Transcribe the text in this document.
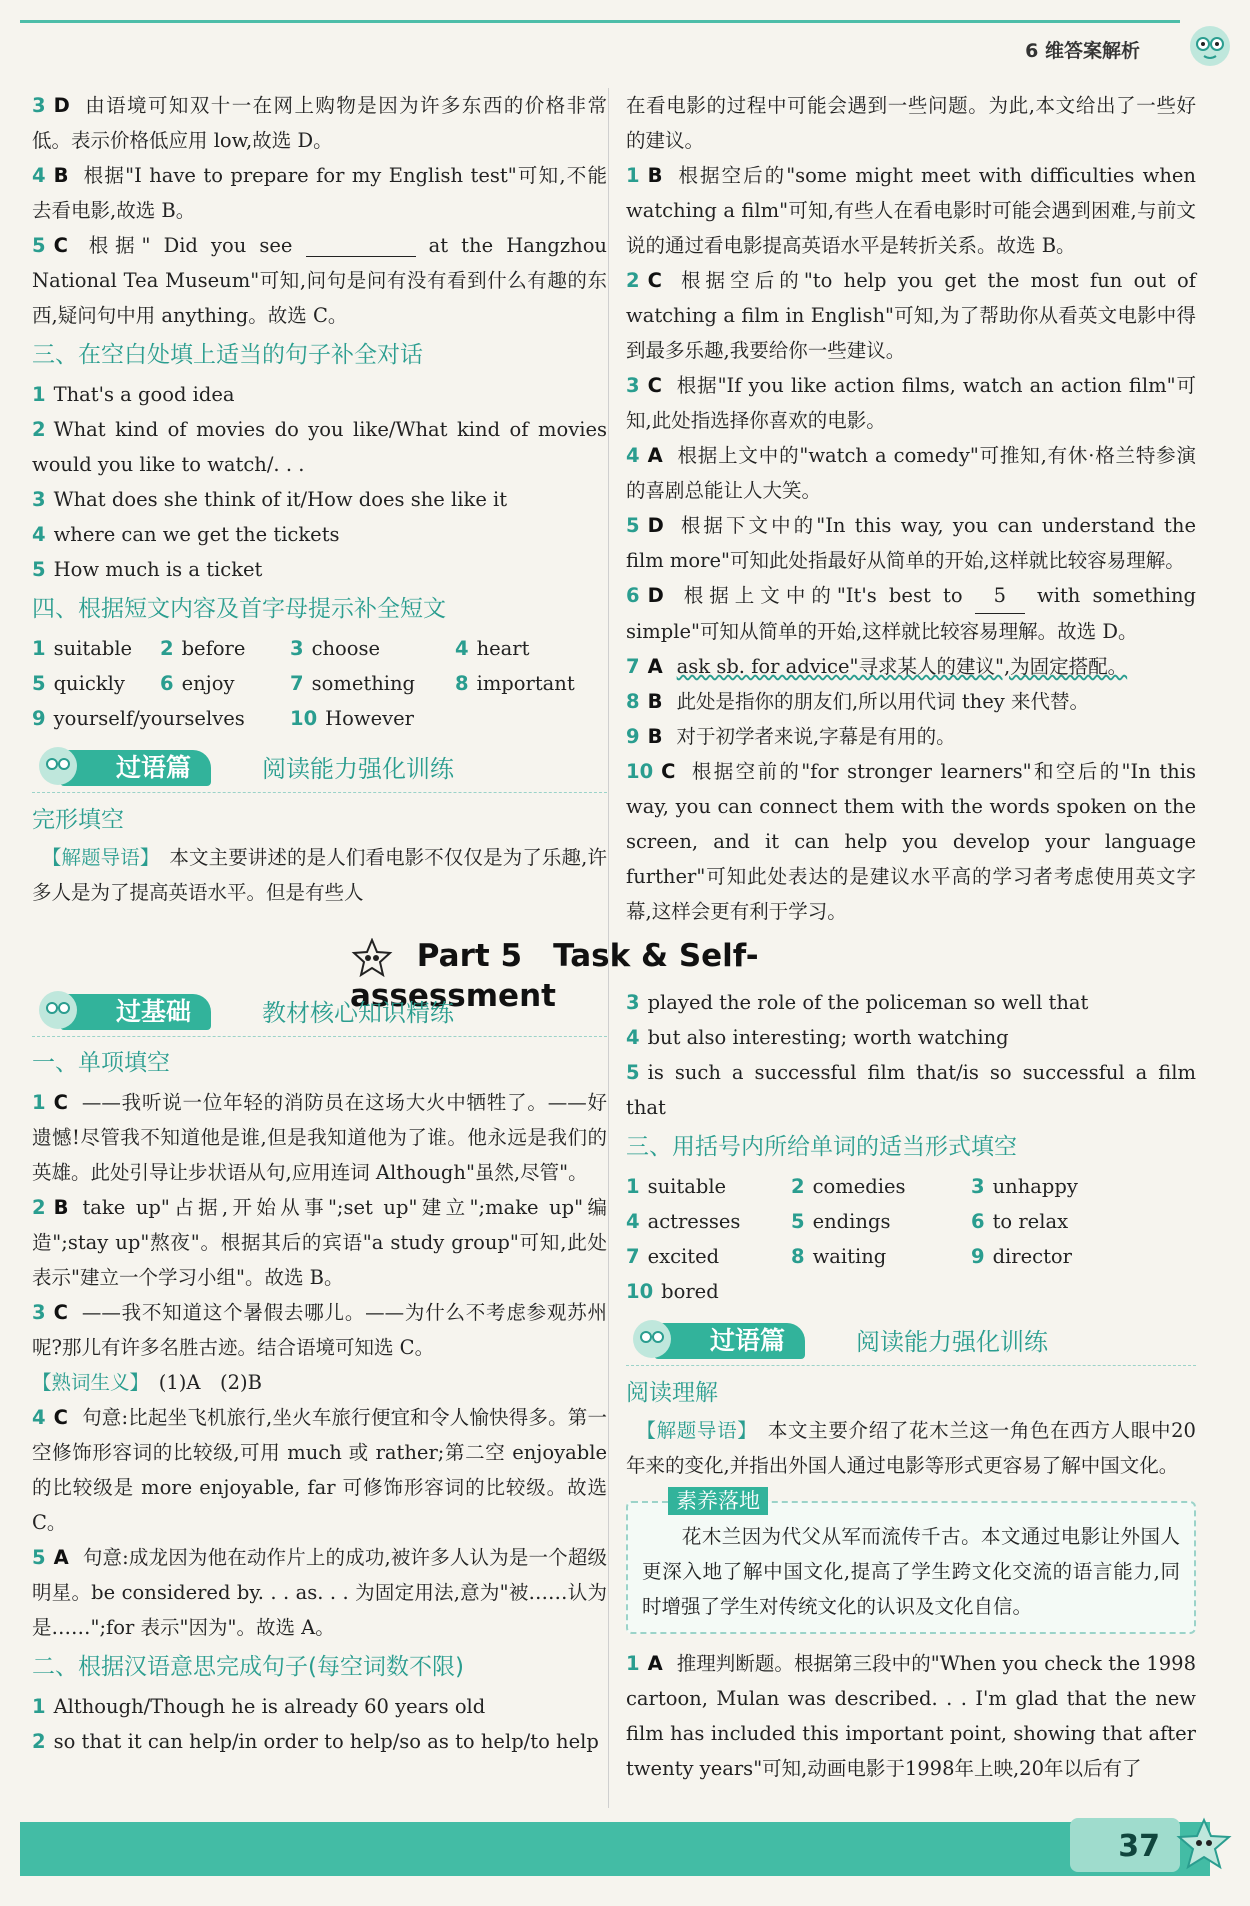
6 维答案解析

3 D 由语境可知双十一在网上购物是因为许多东西的价格非常低。表示价格低应用 low,故选 D。

4 B 根据"I have to prepare for my English test"可知,不能去看电影,故选 B。

5 C 根据" Did you see	at the Hangzhou National Tea Museum"可知,问句是问有没有看到什么有趣的东西,疑问句中用 anything。故选 C。

三、在空白处填上适当的句子补全对话

1 That's a good idea

2 What kind of movies do you like/What kind of movies would you like to watch/. . .

3 What does she think of it/How does she like it

4 where can we get the tickets

5 How much is a ticket

四、根据短文内容及首字母提示补全短文
1 suitable	2 before	3 choose	4 heart
5 quickly	6 enjoy	7 something	8 important
9 yourself/yourselves	10 However
过语篇	阅读能力强化训练
完形填空

　【解题导语】　 本文主要讲述的是人们看电影不仅仅是为了乐趣,许多人是为了提高英语水平。但是有些人

在看电影的过程中可能会遇到一些问题。为此,本文给出了一些好的建议。

1 B 根据空后的"some might meet with difficulties when watching a film"可知,有些人在看电影时可能会遇到困难,与前文说的通过看电影提高英语水平是转折关系。故选 B。

2 C 根据空后的"to help you get the most fun out of watching a film in English"可知,为了帮助你从看英文电影中得到最多乐趣,我要给你一些建议。

3 C 根据"If you like action films, watch an action film"可知,此处指选择你喜欢的电影。

4 A 根据上文中的"watch a comedy"可推知,有休·格兰特参演的喜剧总能让人大笑。

5 D 根据下文中的"In this way, you can understand the film more"可知此处指最好从简单的开始,这样就比较容易理解。

6 D 根据上文中的"It's best to 5 with something simple"可知从简单的开始,这样就比较容易理解。故选 D。

7 A ask sb. for advice"寻求某人的建议",为固定搭配。

8 B 此处是指你的朋友们,所以用代词 they 来代替。

9 B 对于初学者来说,字幕是有用的。

10 C 根据空前的"for stronger learners"和空后的"In this way, you can connect them with the words spoken on the screen, and it can help you develop your language further"可知此处表达的是建议水平高的学习者考虑使用英文字幕,这样会更有利于学习。

Part 5　Task & Self-assessment
过基础	教材核心知识精练
一、单项填空

1 C ——我听说一位年轻的消防员在这场大火中牺牲了。——好遗憾!尽管我不知道他是谁,但是我知道他为了谁。他永远是我们的英雄。此处引导让步状语从句,应用连词 Although"虽然,尽管"。

2 B take up"占据,开始从事";set up"建立";make up"编造";stay up"熬夜"。根据其后的宾语"a study group"可知,此处表示"建立一个学习小组"。故选 B。

3 C ——我不知道这个暑假去哪儿。——为什么不考虑参观苏州呢?那儿有许多名胜古迹。结合语境可知选 C。

【熟词生义】　 (1)A　(2)B

4 C 句意:比起坐飞机旅行,坐火车旅行便宜和令人愉快得多。第一空修饰形容词的比较级,可用 much 或 rather;第二空 enjoyable 的比较级是 more enjoyable, far 可修饰形容词的比较级。故选 C。

5 A 句意:成龙因为他在动作片上的成功,被许多人认为是一个超级明星。be considered by. . . as. . . 为固定用法,意为"被……认为是……";for 表示"因为"。故选 A。

二、根据汉语意思完成句子(每空词数不限)

1 Although/Though he is already 60 years old

2 so that it can help/in order to help/so as to help/to help

3 played the role of the policeman so well that

4 but also interesting; worth watching

5 is such a successful film that/is so successful a film that

三、用括号内所给单词的适当形式填空
1 suitable	2 comedies	3 unhappy
4 actresses	5 endings	6 to relax
7 excited	8 waiting	9 director
10 bored
过语篇	阅读能力强化训练
阅读理解

　【解题导语】　 本文主要介绍了花木兰这一角色在西方人眼中20年来的变化,并指出外国人通过电影等形式更容易了解中国文化。

素养落地

　　花木兰因为代父从军而流传千古。本文通过电影让外国人更深入地了解中国文化,提高了学生跨文化交流的语言能力,同时增强了学生对传统文化的认识及文化自信。

1 A 推理判断题。根据第三段中的"When you check the 1998 cartoon, Mulan was described. . . I'm glad that the new film has included this important point, showing that after twenty years"可知,动画电影于1998年上映,20年以后有了

37
